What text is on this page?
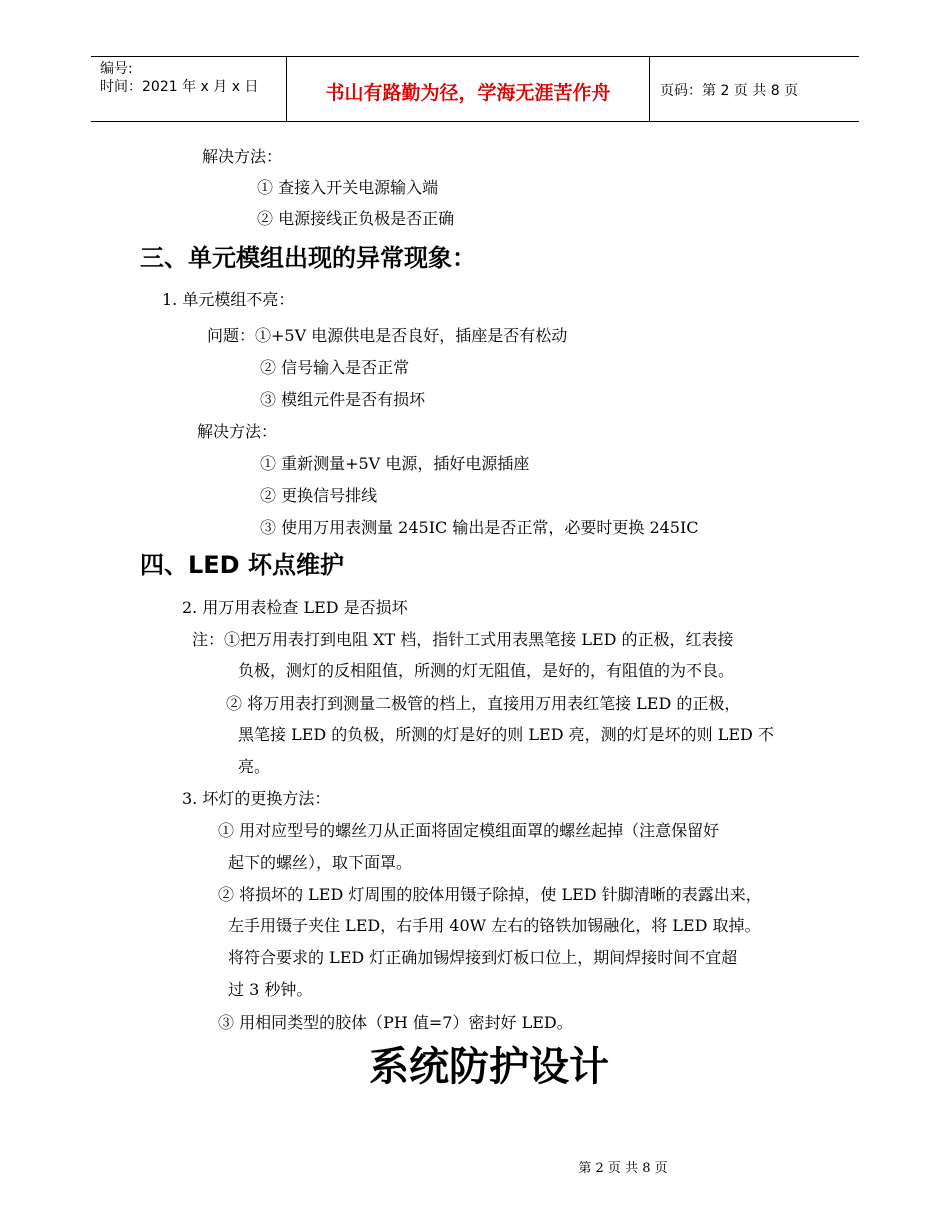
编号:
时间：2021 年 x 月 x 日	书山有路勤为径，学海无涯苦作舟	页码：第 2 页 共 8 页
解决方法：
① 查接入开关电源输入端
② 电源接线正负极是否正确
三、单元模组出现的异常现象：
1. 单元模组不亮：
问题：①+5V 电源供电是否良好，插座是否有松动
② 信号输入是否正常
③ 模组元件是否有损坏
解决方法：
① 重新测量+5V 电源，插好电源插座
② 更换信号排线
③ 使用万用表测量 245IC 输出是否正常，必要时更换 245IC
四、LED 坏点维护
2. 用万用表检查 LED 是否损坏
注：①把万用表打到电阻 XT 档，指针工式用表黑笔接 LED 的正极，红表接
负极，测灯的反相阻值，所测的灯无阻值，是好的，有阻值的为不良。
② 将万用表打到测量二极管的档上，直接用万用表红笔接 LED 的正极，
黑笔接 LED 的负极，所测的灯是好的则 LED 亮，测的灯是坏的则 LED 不
亮。
3. 坏灯的更换方法：
① 用对应型号的螺丝刀从正面将固定模组面罩的螺丝起掉（注意保留好
起下的螺丝），取下面罩。
② 将损坏的 LED 灯周围的胶体用镊子除掉，使 LED 针脚清晰的表露出来，
左手用镊子夹住 LED，右手用 40W 左右的铬铁加锡融化，将 LED 取掉。
将符合要求的 LED 灯正确加锡焊接到灯板口位上，期间焊接时间不宜超
过 3 秒钟。
③ 用相同类型的胶体（PH 值=7）密封好 LED。
系统防护设计
第 2 页 共 8 页
